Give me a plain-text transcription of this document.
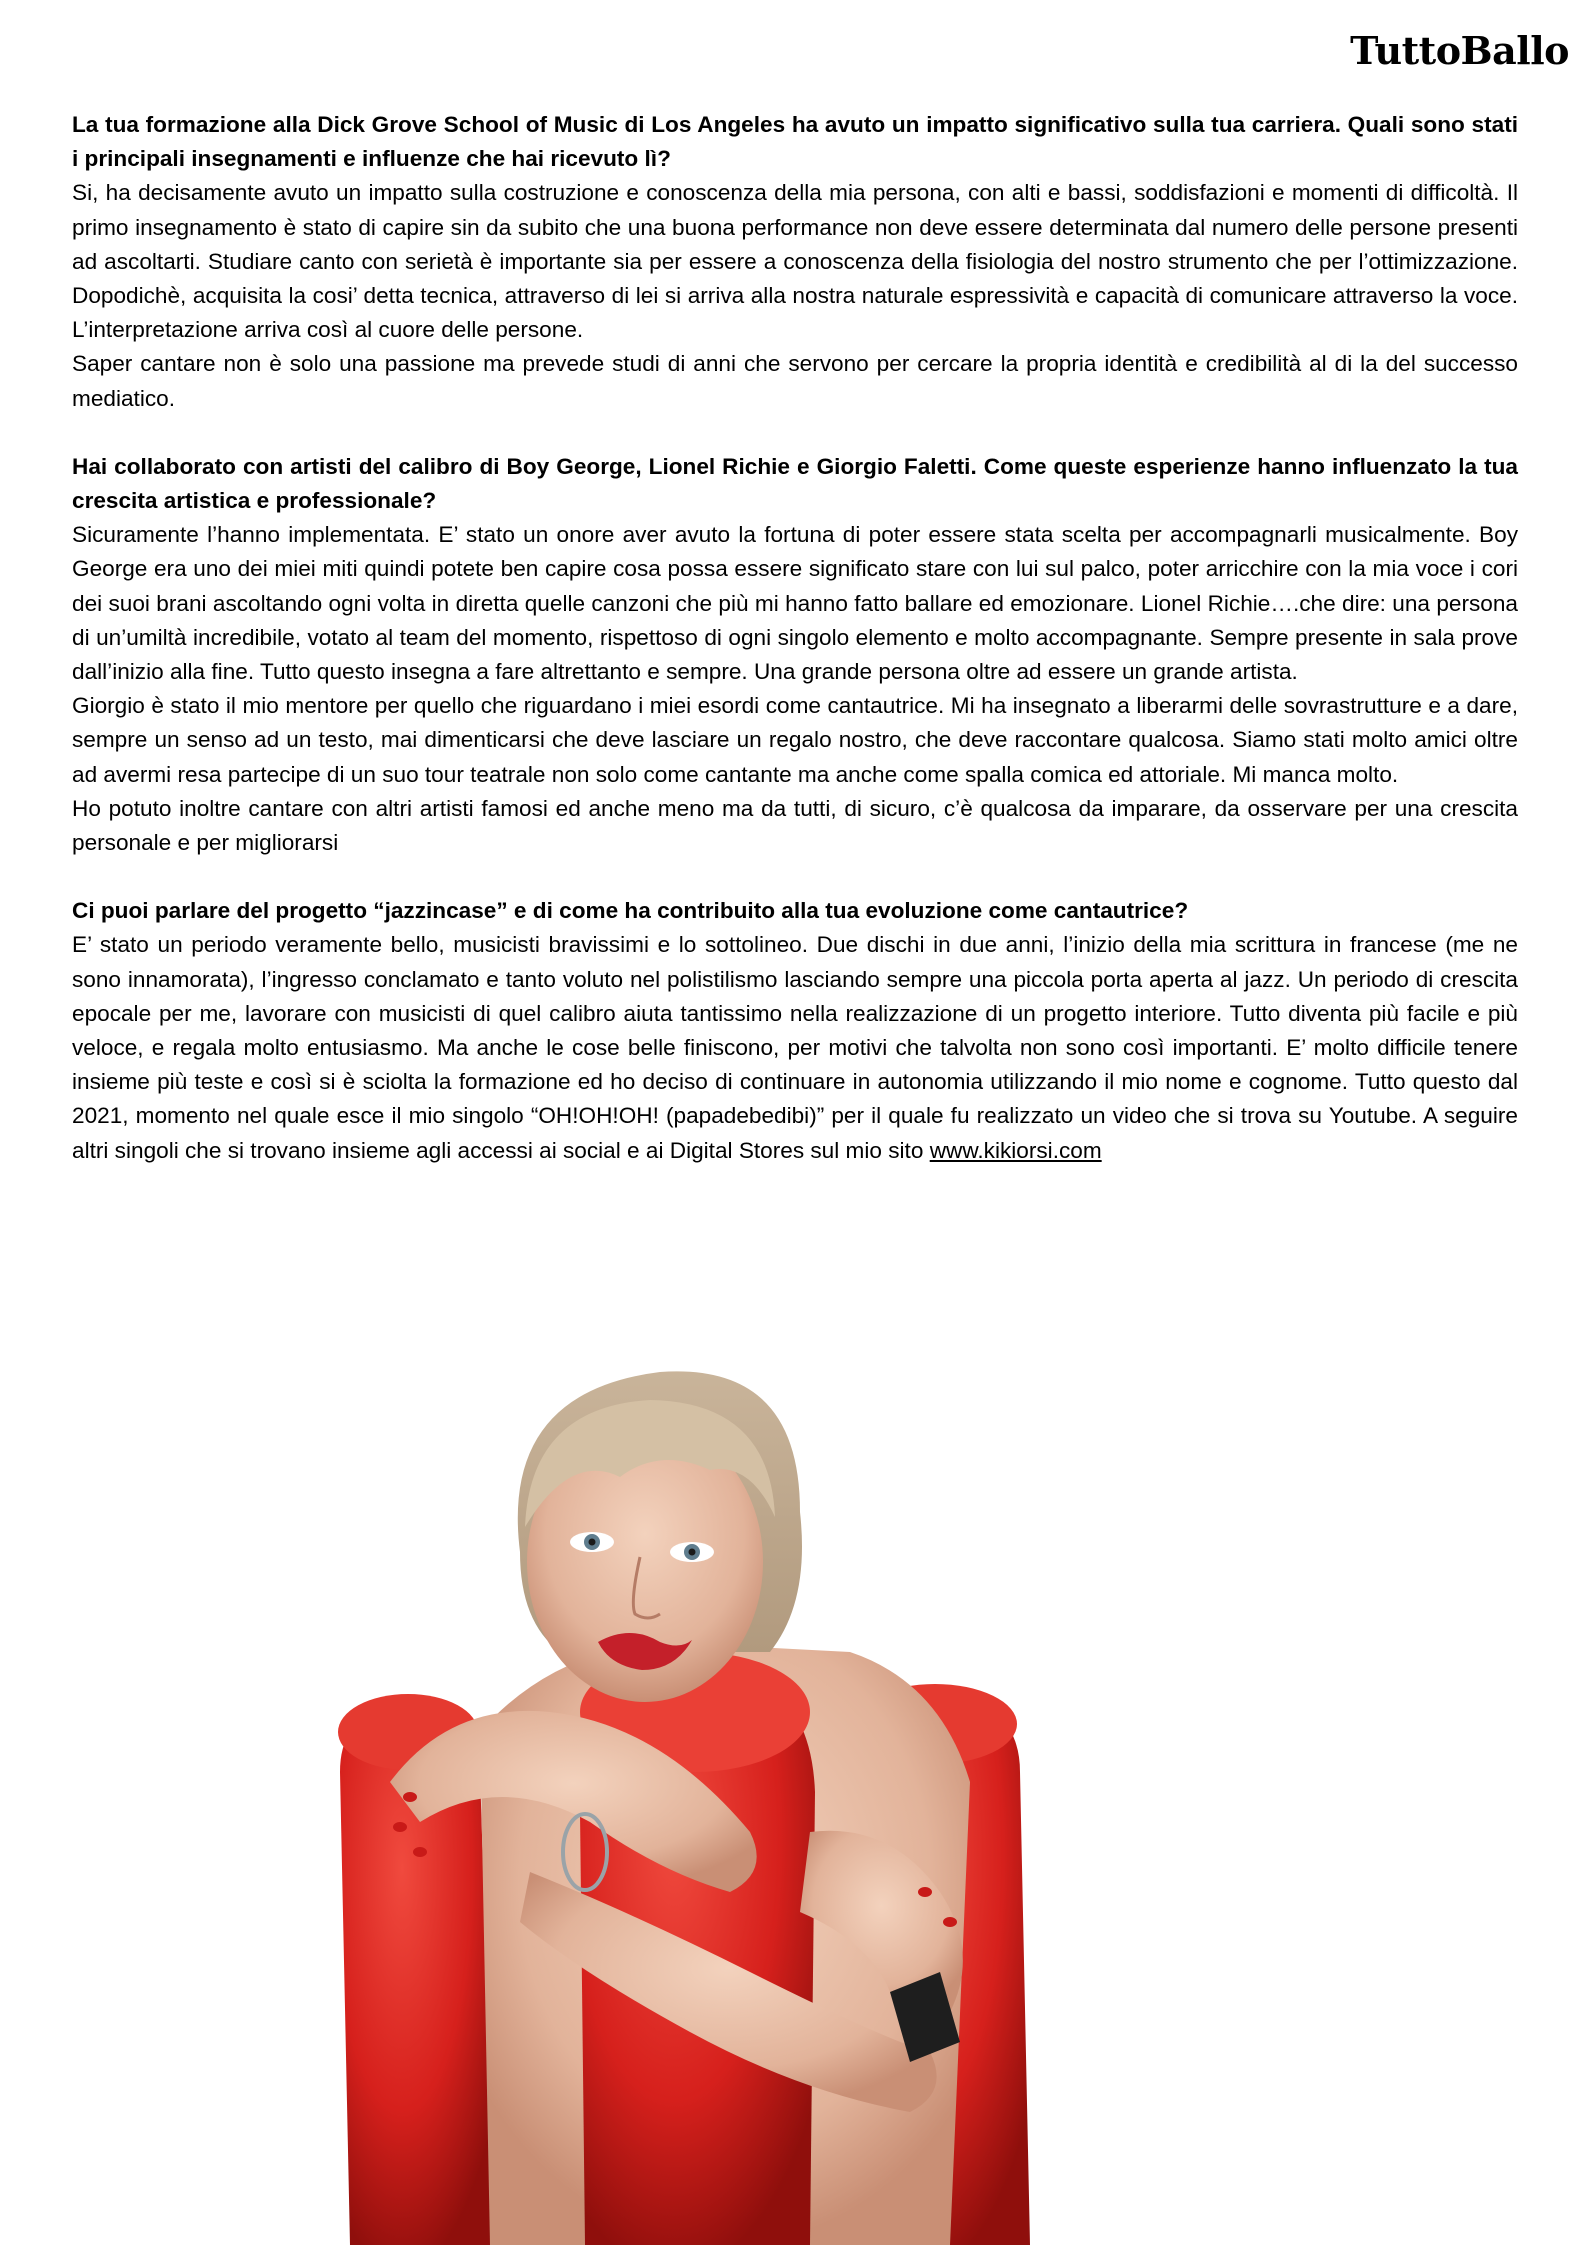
TuttoBallo

La tua formazione alla Dick Grove School of Music di Los Angeles ha avuto un impatto significativo sulla tua carriera. Quali sono stati i principali insegnamenti e influenze che hai ricevuto lì?

Si, ha decisamente avuto un impatto sulla costruzione e conoscenza della mia persona, con alti e bassi, soddisfazioni e momenti di difficoltà. Il primo insegnamento è stato di capire sin da subito che una buona performance non deve essere determinata dal numero delle persone presenti ad ascoltarti. Studiare canto con serietà è importante sia per essere a conoscenza della fisiologia del nostro strumento che per l’ottimizzazione. Dopodichè, acquisita la cosi’ detta tecnica, attraverso di lei si arriva alla nostra naturale espressività e capacità di comunicare attraverso la voce. L’interpretazione arriva così al cuore delle persone.

Saper cantare non è solo una passione ma prevede studi di anni che servono per cercare la propria identità e credibilità al di la del successo mediatico.

Hai collaborato con artisti del calibro di Boy George, Lionel Richie e Giorgio Faletti. Come queste esperienze hanno influenzato la tua crescita artistica e professionale?

Sicuramente l’hanno implementata. E’ stato un onore aver avuto la fortuna di poter essere stata scelta per accompagnarli musicalmente. Boy George era uno dei miei miti quindi potete ben capire cosa possa essere significato stare con lui sul palco, poter arricchire con la mia voce i cori dei suoi brani ascoltando ogni volta in diretta quelle canzoni che più mi hanno fatto ballare ed emozionare. Lionel Richie….che dire: una persona di un’umiltà incredibile, votato al team del momento, rispettoso di ogni singolo elemento e molto accompagnante. Sempre presente in sala prove dall’inizio alla fine. Tutto questo insegna a fare altrettanto e sempre. Una grande persona oltre ad essere un grande artista.

Giorgio è stato il mio mentore per quello che riguardano i miei esordi come cantautrice. Mi ha insegnato a liberarmi delle sovrastrutture e a dare, sempre un senso ad un testo, mai dimenticarsi che deve lasciare un regalo nostro, che deve raccontare qualcosa. Siamo stati molto amici oltre ad avermi resa partecipe di un suo tour teatrale non solo come cantante ma anche come spalla comica ed attoriale. Mi manca molto.

Ho potuto inoltre cantare con altri artisti famosi ed anche meno ma da tutti, di sicuro, c’è qualcosa da imparare, da osservare per una crescita personale e per migliorarsi

Ci puoi parlare del progetto “jazzincase” e di come ha contribuito alla tua evoluzione come cantautrice?

E’ stato un periodo veramente bello, musicisti bravissimi e lo sottolineo. Due dischi in due anni, l’inizio della mia scrittura in francese (me ne sono innamorata), l’ingresso conclamato e tanto voluto nel polistilismo lasciando sempre una piccola porta aperta al jazz. Un periodo di crescita epocale per me, lavorare con musicisti di quel calibro aiuta tantissimo nella realizzazione di un progetto interiore. Tutto diventa più facile e più veloce, e regala molto entusiasmo. Ma anche le cose belle finiscono, per motivi che talvolta non sono così importanti. E’ molto difficile tenere insieme più teste e così si è sciolta la formazione ed ho deciso di continuare in autonomia utilizzando il mio nome e cognome. Tutto questo dal 2021, momento nel quale esce il mio singolo “OH!OH!OH! (papadebedibi)” per il quale fu realizzato un video che si trova su Youtube. A seguire altri singoli che si trovano insieme agli accessi ai social e ai Digital Stores sul mio sito www.kikiorsi.com
